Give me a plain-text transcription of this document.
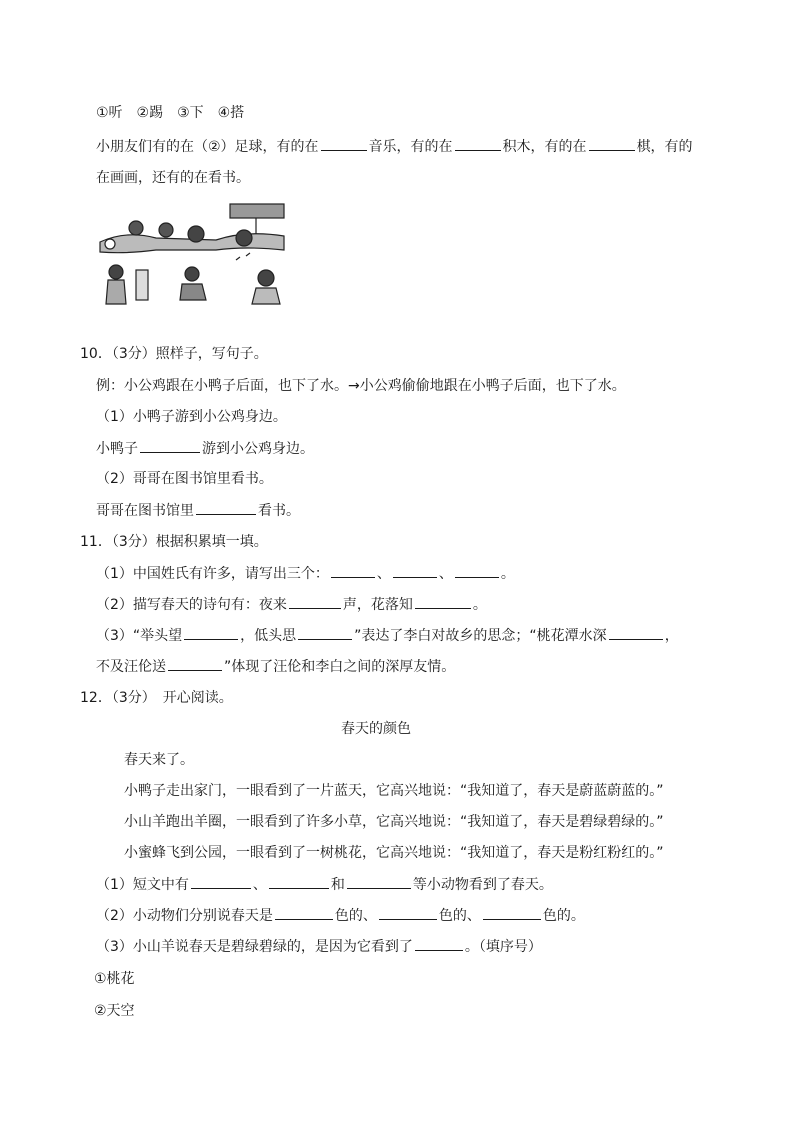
①听　②踢　③下　④搭
小朋友们有的在（②）足球，有的在	音乐，有的在	积木，有的在	棋，有的
在画画，还有的在看书。
10．（3分）照样子，写句子。
例：小公鸡跟在小鸭子后面，也下了水。→小公鸡偷偷地跟在小鸭子后面，也下了水。
（1）小鸭子游到小公鸡身边。
小鸭子	游到小公鸡身边。
（2）哥哥在图书馆里看书。
哥哥在图书馆里	看书。
11．（3分）根据积累填一填。
（1）中国姓氏有许多，请写出三个：	、	、	。
（2）描写春天的诗句有：夜来	声，花落知	。
（3）“举头望	，低头思	”表达了李白对故乡的思念；“桃花潭水深	，
不及汪伦送	”体现了汪伦和李白之间的深厚友情。
12．（3分）　开心阅读。
春天的颜色
春天来了。
小鸭子走出家门，一眼看到了一片蓝天，它高兴地说：“我知道了，春天是蔚蓝蔚蓝的。”
小山羊跑出羊圈，一眼看到了许多小草，它高兴地说：“我知道了，春天是碧绿碧绿的。”
小蜜蜂飞到公园，一眼看到了一树桃花，它高兴地说：“我知道了，春天是粉红粉红的。”
（1）短文中有	、	和	等小动物看到了春天。
（2）小动物们分别说春天是	色的、	色的、	色的。
（3）小山羊说春天是碧绿碧绿的，是因为它看到了	。（填序号）
①桃花
②天空
